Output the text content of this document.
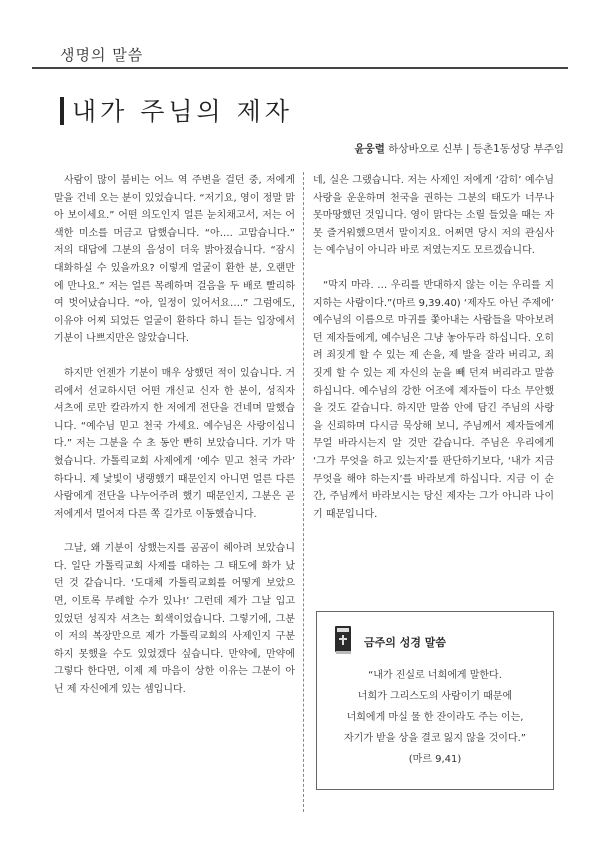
생명의 말씀
내가 주님의 제자
윤웅렬 하상바오로 신부 | 등촌1동성당 부주임

사람이 많이 붐비는 어느 역 주변을 걸던 중, 저에게 말을 건네 오는 분이 있었습니다. “저기요, 영이 정말 맑아 보이세요.” 어떤 의도인지 얼른 눈치채고서, 저는 어색한 미소를 머금고 답했습니다. “아…. 고맙습니다.” 저의 대답에 그분의 음성이 더욱 밝아졌습니다. “잠시 대화하실 수 있을까요? 이렇게 얼굴이 환한 분, 오랜만에 만나요.” 저는 얼른 목례하며 걸음을 두 배로 빨리하여 벗어났습니다. “아, 일정이 있어서요….” 그럼에도, 이유야 어찌 되었든 얼굴이 환하다 하니 듣는 입장에서 기분이 나쁘지만은 않았습니다.

하지만 언젠가 기분이 매우 상했던 적이 있습니다. 거리에서 선교하시던 어떤 개신교 신자 한 분이, 성직자 셔츠에 로만 칼라까지 한 저에게 전단을 건네며 말했습니다. “예수님 믿고 천국 가세요. 예수님은 사랑이십니다.” 저는 그분을 수 초 동안 빤히 보았습니다. 기가 막혔습니다. 가톨릭교회 사제에게 ‘예수 믿고 천국 가라’ 하다니. 제 낯빛이 냉랭했기 때문인지 아니면 얼른 다른 사람에게 전단을 나누어주려 했기 때문인지, 그분은 곧 저에게서 멀어져 다른 쪽 길가로 이동했습니다.

그날, 왜 기분이 상했는지를 곰곰이 헤아려 보았습니다. 일단 가톨릭교회 사제를 대하는 그 태도에 화가 났던 것 같습니다. ‘도대체 가톨릭교회를 어떻게 보았으면, 이토록 무례할 수가 있나!’ 그런데 제가 그날 입고 있었던 성직자 셔츠는 회색이었습니다. 그렇기에, 그분이 저의 복장만으로 제가 가톨릭교회의 사제인지 구분하지 못했을 수도 있었겠다 싶습니다. 만약에, 만약에 그렇다 한다면, 이제 제 마음이 상한 이유는 그분이 아닌 제 자신에게 있는 셈입니다.

네, 실은 그랬습니다. 저는 사제인 저에게 ‘감히’ 예수님 사랑을 운운하며 천국을 권하는 그분의 태도가 너무나 못마땅했던 것입니다. 영이 맑다는 소릴 들었을 때는 자못 즐거워했으면서 말이지요. 어쩌면 당시 저의 관심사는 예수님이 아니라 바로 저였는지도 모르겠습니다.

“막지 마라. … 우리를 반대하지 않는 이는 우리를 지지하는 사람이다.”(마르 9,39.40) ‘제자도 아닌 주제에’ 예수님의 이름으로 마귀를 쫓아내는 사람들을 막아보려던 제자들에게, 예수님은 그냥 놓아두라 하십니다. 오히려 죄짓게 할 수 있는 제 손을, 제 발을 잘라 버리고, 죄짓게 할 수 있는 제 자신의 눈을 빼 던져 버리라고 말씀하십니다. 예수님의 강한 어조에 제자들이 다소 무안했을 것도 같습니다. 하지만 말씀 안에 담긴 주님의 사랑을 신뢰하며 다시금 묵상해 보니, 주님께서 제자들에게 무얼 바라시는지 알 것만 같습니다. 주님은 우리에게 ‘그가 무엇을 하고 있는지’를 판단하기보다, ‘내가 지금 무엇을 해야 하는지’를 바라보게 하십니다. 지금 이 순간, 주님께서 바라보시는 당신 제자는 그가 아니라 나이기 때문입니다.

금주의 성경 말씀
“내가 진실로 너희에게 말한다.
너희가 그리스도의 사람이기 때문에
너희에게 마실 물 한 잔이라도 주는 이는,
자기가 받을 상을 결코 잃지 않을 것이다.”
(마르 9,41)
